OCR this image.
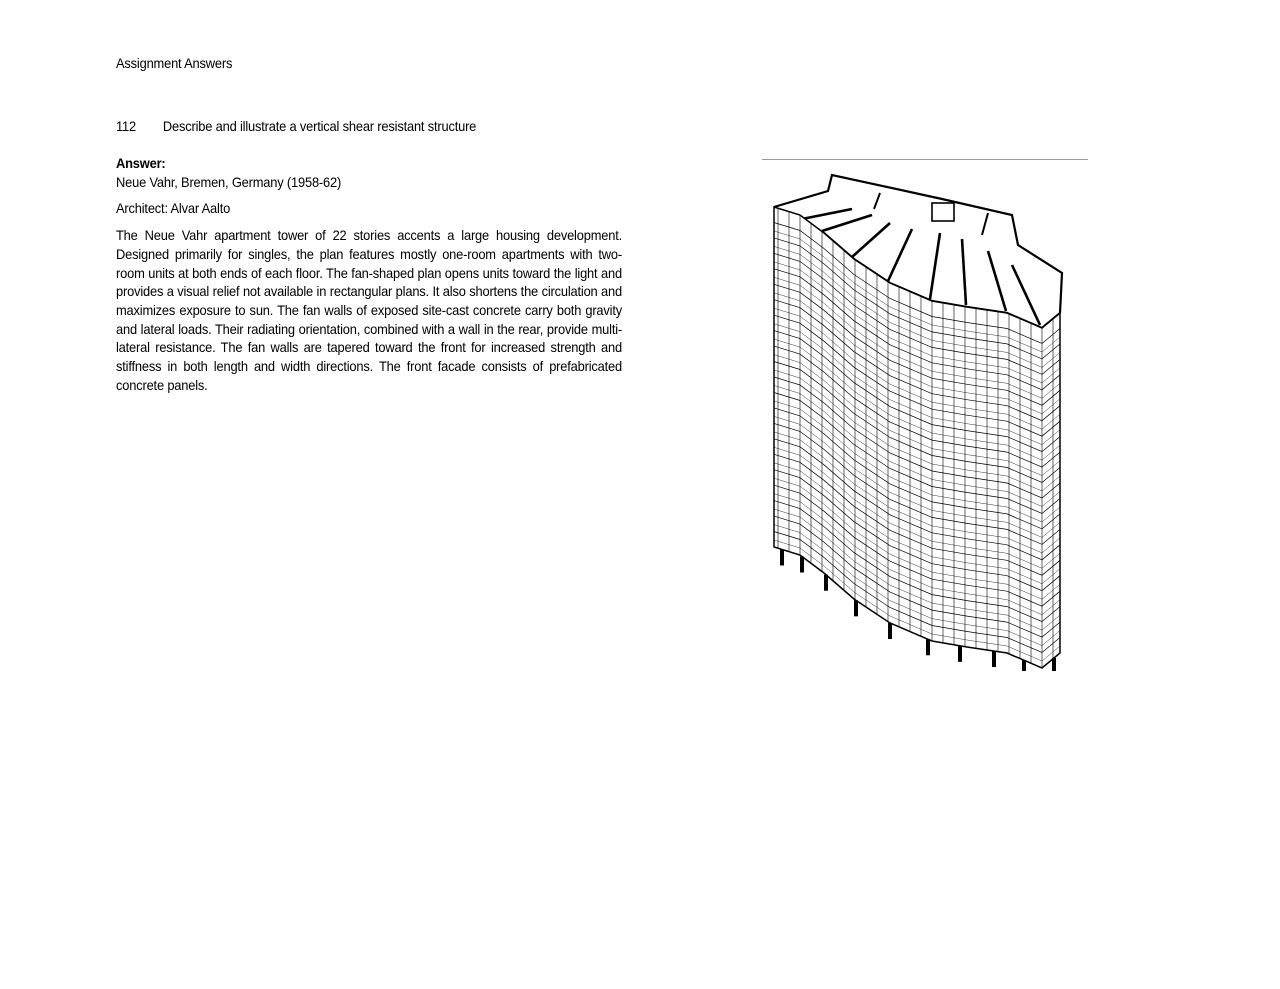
Assignment Answers
112 Describe and illustrate a vertical shear resistant structure

Answer:

Neue Vahr, Bremen, Germany (1958-62)

Architect: Alvar Aalto

The Neue Vahr apartment tower of 22 stories accents a large housing development. Designed primarily for singles, the plan features mostly one-room apartments with two-room units at both ends of each floor. The fan-shaped plan opens units toward the light and provides a visual relief not available in rectangular plans. It also shortens the circulation and maximizes exposure to sun. The fan walls of exposed site-cast concrete carry both gravity and lateral loads. Their radiating orientation, combined with a wall in the rear, provide multi-lateral resistance. The fan walls are tapered toward the front for increased strength and stiffness in both length and width directions. The front facade consists of prefabricated concrete panels.
